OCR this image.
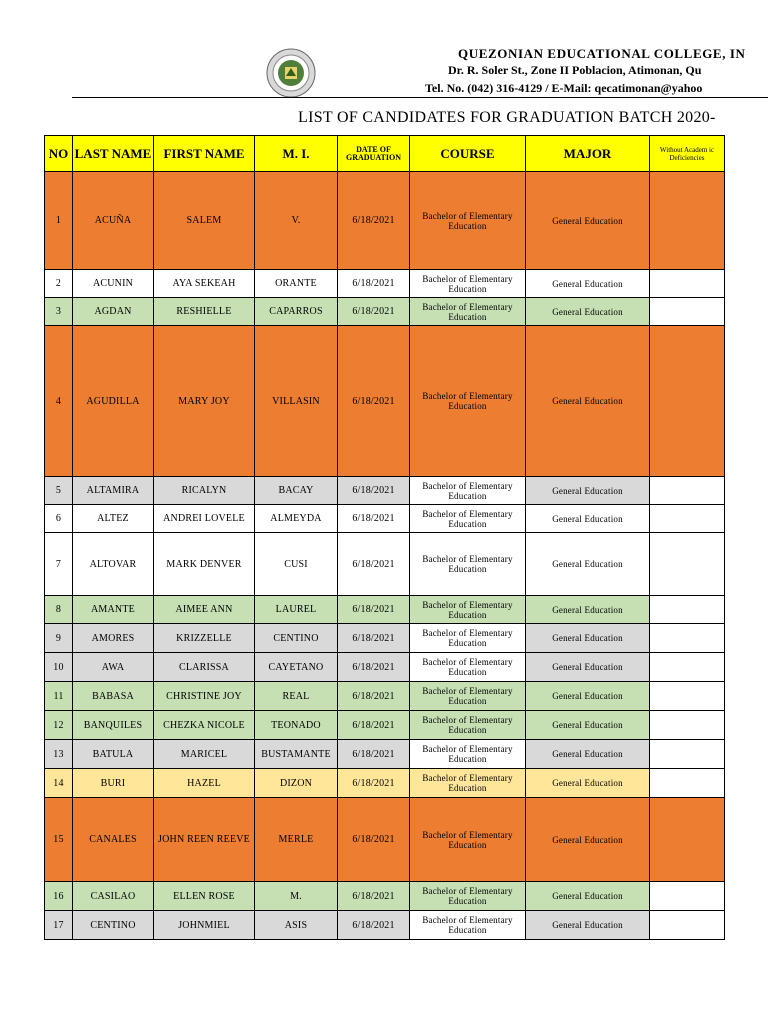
QUEZONIAN EDUCATIONAL COLLEGE, IN
Dr. R. Soler St., Zone II Poblacion, Atimonan, Qu
Tel. No. (042) 316-4129 / E-Mail: qecatimonan@yahoo
LIST OF CANDIDATES FOR GRADUATION BATCH 2020-
NO	LAST NAME	FIRST NAME	M. I.	DATE OF
GRADUATION	COURSE	MAJOR	Without Academ ic
Deficiencies
1	ACUÑA	SALEM	V.	6/18/2021	Bachelor of Elementary
Education	General Education	
2	ACUNIN	AYA SEKEAH	ORANTE	6/18/2021	Bachelor of Elementary
Education	General Education	
3	AGDAN	RESHIELLE	CAPARROS	6/18/2021	Bachelor of Elementary
Education	General Education	
4	AGUDILLA	MARY JOY	VILLASIN	6/18/2021	Bachelor of Elementary
Education	General Education	
5	ALTAMIRA	RICALYN	BACAY	6/18/2021	Bachelor of Elementary
Education	General Education	
6	ALTEZ	ANDREI LOVELE	ALMEYDA	6/18/2021	Bachelor of Elementary
Education	General Education	
7	ALTOVAR	MARK DENVER	CUSI	6/18/2021	Bachelor of Elementary
Education	General Education	
8	AMANTE	AIMEE ANN	LAUREL	6/18/2021	Bachelor of Elementary
Education	General Education	
9	AMORES	KRIZZELLE	CENTINO	6/18/2021	Bachelor of Elementary
Education	General Education	
10	AWA	CLARISSA	CAYETANO	6/18/2021	Bachelor of Elementary
Education	General Education	
11	BABASA	CHRISTINE JOY	REAL	6/18/2021	Bachelor of Elementary
Education	General Education	
12	BANQUILES	CHEZKA NICOLE	TEONADO	6/18/2021	Bachelor of Elementary
Education	General Education	
13	BATULA	MARICEL	BUSTAMANTE	6/18/2021	Bachelor of Elementary
Education	General Education	
14	BURI	HAZEL	DIZON	6/18/2021	Bachelor of Elementary
Education	General Education	
15	CANALES	JOHN REEN REEVE	MERLE	6/18/2021	Bachelor of Elementary
Education	General Education	
16	CASILAO	ELLEN ROSE	M.	6/18/2021	Bachelor of Elementary
Education	General Education	
17	CENTINO	JOHNMIEL	ASIS	6/18/2021	Bachelor of Elementary
Education	General Education	
